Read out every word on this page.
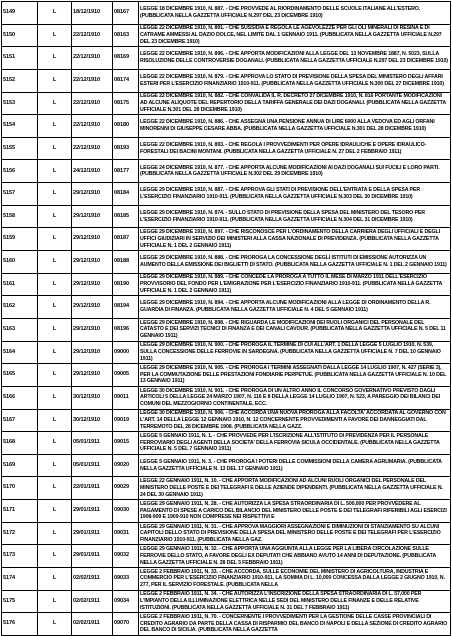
5149	L	18/12/1910	08167	LEGGE 18 DICEMBRE 1910, N. 887. - CHE PROVVEDE AL RIORDINAMENTO DELLE SCUOLE ITALIANE ALL'ESTERO. (PUBBLICATA NELLA GAZZETTA UFFICIALE N.297 DEL 23 DICEMBRE 1910)
5150	L	22/12/1910	08163	LEGGE 22 DICEMBRE 1910, N. 891. - CHE SUSSIDIA E REGOLA LE AGEVOLEZZE PER GLI OLI MINERALI DI RESINA E DI CATRAME AMMESSI AL DAZIO DOLCE, NEL LIMITE DAL 1 GENNAIO 1911. (PUBBLICATA NELLA GAZZETTA UFFICIALE N.297 DEL 23 DICEMBRE 1910)
5151	L	22/12/1910	08169	LEGGE 22 DICEMBRE 1910, N. 896. - CHE APPORTA MODIFICAZIONI ALLA LEGGE DEL 13 NOVEMBRE 1887, N. 5023, SULLA RISOLUZIONE DELLE CONTROVERSIE DOGANALI. (PUBBLICATA NELLA GAZZETTA UFFICIALE N.297 DEL 23 DICEMBRE 1910)
5152	L	22/12/1910	08174	LEGGE 22 DICEMBRE 1910, N. 879. - CHE APPROVA LO STATO DI PREVISIONE DELLA SPESA DEL MINISTERO DEGLI AFFARI ESTERI PER L'ESERCIZIO FINANZIARIO 1910-911. (PUBBLICATA NELLA GAZZETTA UFFICIALE N.300 DEL 27 DICEMBRE 1910)
5153	L	22/12/1910	08175	LEGGE 22 DICEMBRE 1910, N. 882. - CHE CONVALIDA IL R. DECRETO 27 DICEMBRE 1910, N. 816 PORTANTE MODIFICAZIONI AD ALCUNE ALIQUOTE DEL REPERTORIO DELLA TARIFFA GENERALE DEI DAZI DOGANALI. (PUBBLICATA NELLA GAZZETTA UFFICIALE N.301 DEL 28 DICEMBRE 1910)
5154	L	22/12/1910	08180	LEGGE 22 DICEMBRE 1910, N. 886. - CHE ASSEGNA UNA PENSIONE ANNUA DI LIRE 6000 ALLA VEDOVA ED AGLI ORFANI MINORENNI DI GIUSEPPE CESARE ABBA. (PUBBLICATA NELLA GAZZETTA UFFICIALE N.301 DEL 28 DICEMBRE 1910)
5155	L	22/12/1910	08193	LEGGE 22 DICEMBRE 1910, N. 893. - CHE REGOLA I PROVVEDIMENTI PER OPERE IDRAULICHE E OPERE IDRAULICO-FORESTALI DEI BACINI MONTANI. (PUBBLICATA NELLA GAZZETTA UFFICIALE N. 27 DEL 2 FEBBRAIO 1911)
5156	L	24/12/1910	08177	LEGGE 24 DICEMBRE 1910, N. 877. - CHE APPORTA ALCUNE MODIFICAZIONI AI DAZI DOGANALI SUI FUCILI E LORO PARTI. (PUBBLICATA NELLA GAZZETTA UFFICIALE N.302 DEL 29 DICEMBRE 1910)
5157	L	29/12/1910	08184	LEGGE 29 DICEMBRE 1910, N. 887. - CHE APPROVA GLI STATI DI PREVISIONE DELL'ENTRATA E DELLA SPESA PER L'ESERCIZIO FINANZIARIO 1910-911. (PUBBLICATA NELLA GAZZETTA UFFICIALE N.303 DEL 30 DICEMBRE 1910)
5158	L	29/12/1910	08185	LEGGE 29 DICEMBRE 1910, N. 874. - SULLO STATO DI PREVISIONE DELLA SPESA DEL MINISTERO DEL TESORO PER L'ESERCIZIO FINANZIARIO 1910-911. (PUBBLICATA NELLA GAZZETTA UFFICIALE N.304 DEL 31 DICEMBRE 1910)
5159	L	29/12/1910	08187	LEGGE 29 DICEMBRE 1910, N. 897. - CHE RISCONOSCE PER L'ORDINAMENTO DELLA CARRIERA DEGLI UFFICIALI E DEGLI UFFICI GIUDIZIARI IN SERVIZIO DEI MINISTERI ALLA CASSA NAZIONALE DI PREVIDENZA. (PUBBLICATA NELLA GAZZETTA UFFICIALE N. 1 DEL 2 GENNAIO 1911)
5160	L	29/12/1910	08188	LEGGE 29 DICEMBRE 1910, N. 888. - CHE PROROGA LA CONCESSIONE DEGLI ISTITUTI DI EMISSIONE AUTORIZZA UN AUMENTO DELLA EMISSIONE DEI BIGLIETTI DI STATO. (PUBBLICATA NELLA GAZZETTA UFFICIALE N. 1 DEL 2 GENNAIO 1911)
5161	L	29/12/1910	08190	LEGGE 29 DICEMBRE 1910, N. 889. - CHE CONCEDE LA PROROGA A TUTTO IL MESE DI MARZO 1911 DELL'ESERCIZIO PROVVISORIO DEL FONDO PER L'EMIGRAZIONE PER L'ESERCIZIO FINANZIARIO 1910-911. (PUBBLICATA NELLA GAZZETTA UFFICIALE N. 1 DEL 2 GENNAIO 1911)
5162	L	29/12/1910	08194	LEGGE 29 DICEMBRE 1910, N. 894. - CHE APPORTA ALCUNE MODIFICAZIONI ALLA LEGGE DI ORDINAMENTO DELLA R. GUARDIA DI FINANZA. (PUBBLICATA NELLA GAZZETTA UFFICIALE N. 4 DEL 5 GENNAIO 1911)
5163	L	29/12/1910	08196	LEGGE 29 DICEMBRE 1910, N. 898. - CHE RIGUARDA LE MODIFICAZIONI DEI RUOLI ORGANICI DEL PERSONALE DEL CATASTO E DEI SERVIZI TECNICI DI FINANZA E DEI CANALI CAVOUR. (PUBBLICATA NELLA GAZZETTA UFFICIALE N. 5 DEL 11 GENNAIO 1911)
5164	L	29/12/1910	09000	LEGGE 29 DICEMBRE 1910, N. 900. - CHE PROROGA IL TERMINE DI CUI ALL'ART. 1 DELLA LEGGE 5 LUGLIO 1910, N. 539, SULLA CONCESSIONE DELLE FERROVIE IN SARDEGNA. (PUBBLICATA NELLA GAZZETTA UFFICIALE N. 7 DEL 10 GENNAIO 1911)
5165	L	29/12/1910	09005	LEGGE 29 DICEMBRE 1910, N. 905. - CHE PROROGA I TERMINI ASSEGNATI DALLA LEGGE 14 LUGLIO 1907, N. 427 (SERIE 3), PER LA COMMUTAZIONE DELLE PRESTAZIONI FONDIARIE PERPETUE. (PUBBLICATA NELLA GAZZETTA UFFICIALE N. 10 DEL 13 GENNAIO 1911)
5166	L	30/12/1910	09011	LEGGE 30 DICEMBRE 1910, N. 901. - CHE PROROGA DI UN ALTRO ANNO IL CONCORSO GOVERNATIVO PREVISTO DAGLI ARTICOLI 5 DELLA LEGGE 24 MARZO 1907, N. 116 E 8 DELLA LEGGE 14 LUGLIO 1907, N. 523, A PAREGGIO DEI BILANCI DEI COMUNI DEL MEZZOGIORNO CONTINENTALE, ECC.
5167	L	30/12/1910	09019	LEGGE 30 DICEMBRE 1910, N. 906. - CHE ACCORDA UNA NUOVA PROROGA ALLA FACOLTA' ACCORDATA AL GOVERNO CON L'ART. 14 DELLA LEGGE 12 GENNAIO 1910, N. 12 CONCERNENTE PROVVEDIMENTI A FAVORE DEI DANNEGGIATI DAL TERREMOTO DEL 28 DICEMBRE 1908. (PUBBLICATA NELLA GAZZ.
5168	L	05/01/1911	09015	LEGGE 5 GENNAIO 1911, N. 1. - CHE PROVVEDE PER L'ISCRIZIONE ALL'ISTITUTO DI PREVIDENZA PER IL PERSONALE FERROVIARIO DEGLI AGENTI DELLA SOCIETA' DELLA FERROVIA SICULA OCCIDENTALE. (PUBBLICATA NELLA GAZZETTA UFFICIALE N. 5 DEL 7 GENNAIO 1911)
5169	L	05/01/1911	09020	LEGGE 5 GENNAIO 1911, N. 3. - CHE PROROGA I POTERI DELLE COMMISSIONI DELLA CAMERA AGRUMARIA. (PUBBLICATA NELLA GAZZETTA UFFICIALE N. 13 DEL 17 GENNAIO 1911)
5170	L	22/01/1911	09029	LEGGE 22 GENNAIO 1911, N. 10. - CHE APPORTA MODIFICAZIONI AD ALCUNI RUOLI ORGANICI DEL PERSONALE DEL MINISTERO DELLE POSTE E DEI TELEGRAFI E DELLE AZIENDE DIPENDENTI. (PUBBLICATA NELLA GAZZETTA UFFICIALE N. 24 DEL 30 GENNAIO 1911)
5171	L	29/01/1911	09030	LEGGE 29 GENNAIO 1911, N. 28. - CHE AUTORIZZA LA SPESA STRAORDINARIA DI L. 500,000 PER PROVVEDERE AL PAGAMENTO DI SPESE A CARICO DEL BILANCIO DEL MINISTERO DELLE POSTE E DEI TELEGRAFI RIFERIBILI AGLI ESERCIZI 1908-909 E 1909-910 NON COMPRESE NEI RISPETTIVI E
5172	L	29/01/1911	09031	LEGGE 29 GENNAIO 1911, N. 31. - CHE APPROVA MAGGIORI ASSEGNAZIONI E DIMINUZIONI DI STANZIAMENTO SU ALCUNI CAPITOLI DELLO STATO DI PREVISIONE DELLA SPESA DEL MINISTERO DELLE POSTE E DEI TELEGRAFI PER L'ESERCIZIO FINANZIARIO 1910-911. (PUBBLICATA NELLA GAZ.
5173	L	29/01/1911	09032	LEGGE 29 GENNAIO 1911, N. 32. - CHE APPORTA UNA AGGIUNTA ALLA LEGGE PER LA LIBERA CIRCOLAZIONE SULLE FERROVIE DELLO STATO, A FAVORE DEGLI EX DEPUTATI CHE ABBIANO AVUTO 14 ANNI DI DEPUTAZIONE. (PUBBLICATA NELLA GAZZETTA UFFICIALE N. 28 DEL 3 FEBBRAIO 1911)
5174	L	02/02/1911	09033	LEGGE 2 FEBBRAIO 1911, N. 33. - CHE ACCORDA, SULLE ECONOMIE DEL MINISTERO DI AGRICOLTURA, INDUSTRIA E COMMERCIO PER L'ESERCIZIO FINANZIARIO 1910-911, LA SOMMA DI L. 10,000 CONCESSA DALLA LEGGE 2 GIUGNO 1910, N. 277, PER IL SERVIZIO FORESTALE. (PUBBLICATA NELLA
5175	L	02/02/1911	09034	LEGGE 2 FEBBRAIO 1911, N. 34. - CHE AUTORIZZA L'INSCRIZIONE DELLA SPESA STRAORDINARIA DI L. 57,000 PER L'IMPIANTO DELLA ILLUMINAZIONE ELETTRICA NELLE SEDI DEL MINISTERO DELLE FINANZE E DELLE RELATIVE ISTITUZIONI. (PUBBLICATA NELLA GAZZETTA UFFICIALE N. 31 DEL 7 FEBBRAIO 1911)
5176	L	02/02/1911	09070	LEGGE 2 FEBBRAIO 1911, N. 70. - CONCERNENTE I PROVVEDIMENTI PER LA GESTIONE DELLE CASSE PROVINCIALI DI CREDITO AGRARIO DA PARTE DELLA CASSA DI RISPARMIO DEL BANCO DI NAPOLI E DELLA SEZIONE DI CREDITO AGRARIO DEL BANCO DI SICILIA. (PUBBLICATA NELLA GAZZETTA
